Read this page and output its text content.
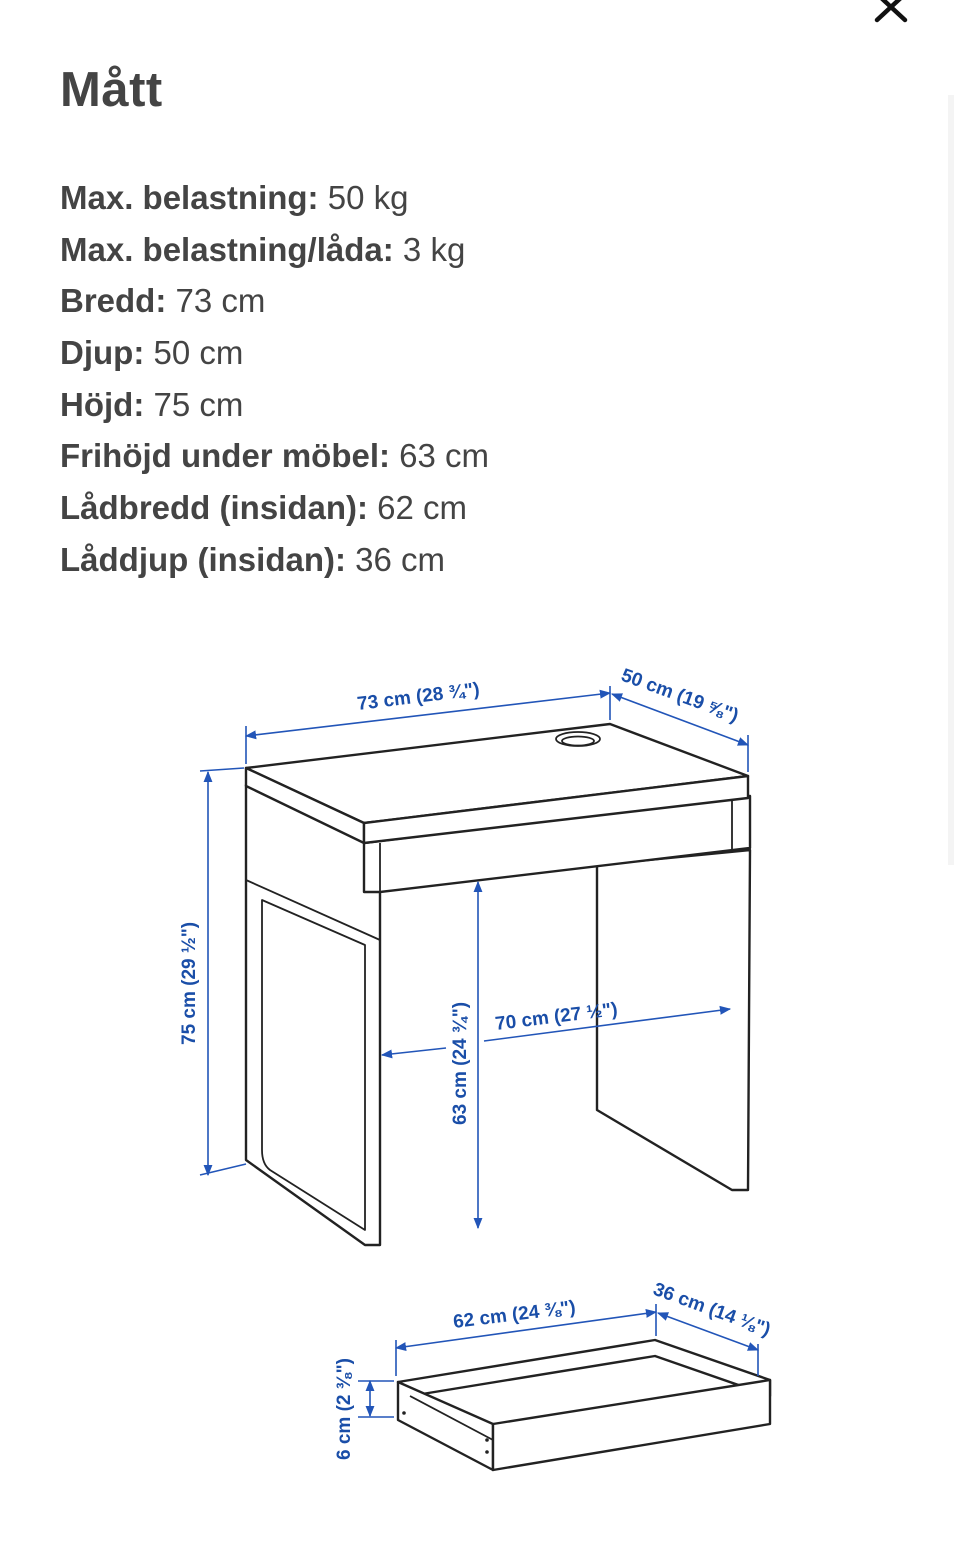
Mått
Max. belastning: 50 kg
Max. belastning/låda: 3 kg
Bredd: 73 cm
Djup: 50 cm
Höjd: 75 cm
Frihöjd under möbel: 63 cm
Lådbredd (insidan): 62 cm
Låddjup (insidan): 36 cm
73 cm (28 ¾")	50 cm (19 ⅝")
75 cm (29 ½")
63 cm (24 ¾") 70 cm (27 ½")
62 cm (24 ⅜")	36 cm (14 ⅛")
6 cm (2 ⅜")
